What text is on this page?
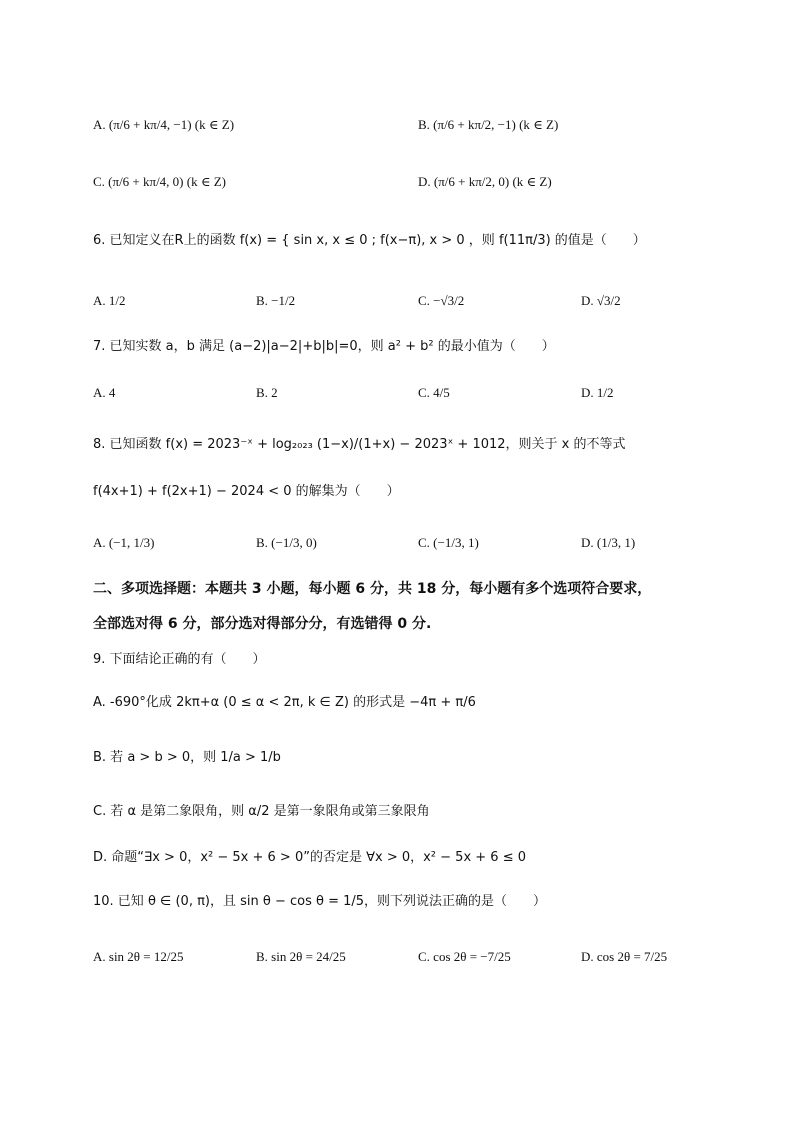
A. (π/6 + kπ/4, −1) (k ∈ Z)	B. (π/6 + kπ/2, −1) (k ∈ Z)
C. (π/6 + kπ/4, 0) (k ∈ Z)	D. (π/6 + kπ/2, 0) (k ∈ Z)
6. 已知定义在R上的函数 f(x) = { sin x, x ≤ 0 ; f(x−π), x > 0 ，则 f(11π/3) 的值是（　　）
A. 1/2	B. −1/2	C. −√3/2	D. √3/2
7. 已知实数 a，b 满足 (a−2)|a−2|+b|b|=0，则 a² + b² 的最小值为（　　）
A. 4	B. 2	C. 4/5	D. 1/2
8. 已知函数 f(x) = 2023⁻ˣ + log₂₀₂₃ (1−x)/(1+x) − 2023ˣ + 1012，则关于 x 的不等式
f(4x+1) + f(2x+1) − 2024 < 0 的解集为（　　）
A. (−1, 1/3)	B. (−1/3, 0)	C. (−1/3, 1)	D. (1/3, 1)
二、多项选择题：本题共 3 小题，每小题 6 分，共 18 分，每小题有多个选项符合要求，
全部选对得 6 分，部分选对得部分分，有选错得 0 分.
9. 下面结论正确的有（　　）
A. -690°化成 2kπ+α (0 ≤ α < 2π, k ∈ Z) 的形式是 −4π + π/6
B. 若 a > b > 0，则 1/a > 1/b
C. 若 α 是第二象限角，则 α/2 是第一象限角或第三象限角
D. 命题“∃x > 0，x² − 5x + 6 > 0”的否定是 ∀x > 0，x² − 5x + 6 ≤ 0
10. 已知 θ ∈ (0, π)，且 sin θ − cos θ = 1/5，则下列说法正确的是（　　）
A. sin 2θ = 12/25	B. sin 2θ = 24/25	C. cos 2θ = −7/25	D. cos 2θ = 7/25
